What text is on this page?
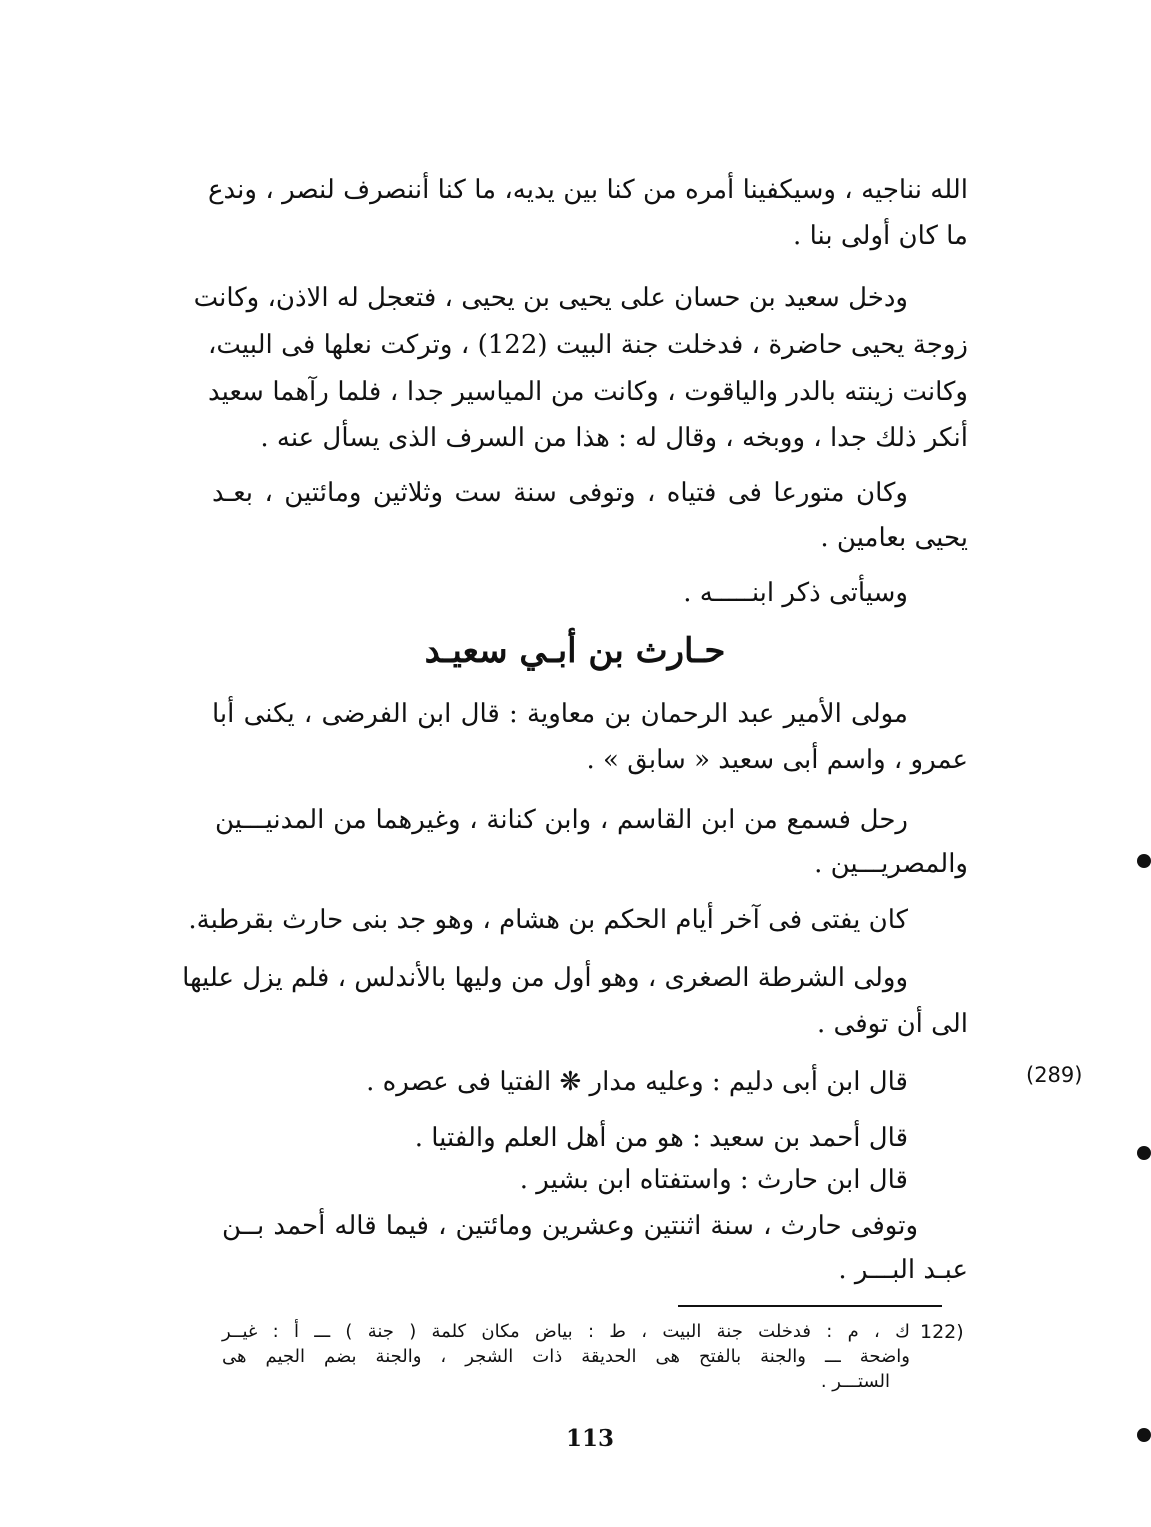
الله نناجيه ، وسيكفينا أمره من كنا بين يديه، ما كنا أننصرف لنصر ، وندع
ما كان أولى بنا .
ودخل سعيد بن حسان على يحيى بن يحيى ، فتعجل له الاذن، وكانت
زوجة يحيى حاضرة ، فدخلت جنة البيت (122) ، وتركت نعلها فى البيت،
وكانت زينته بالدر والياقوت ، وكانت من المياسير جدا ، فلما رآهما سعيد
أنكر ذلك جدا ، ووبخه ، وقال له : هذا من السرف الذى يسأل عنه .
وكان متورعا فى فتياه ، وتوفى سنة ست وثلاثين ومائتين ، بعـد
يحيى بعامين .
وسيأتى ذكر ابنـــــه .
حـارث بن أبـي سعيـد
مولى الأمير عبد الرحمان بن معاوية : قال ابن الفرضى ، يكنى أبا
عمرو ، واسم أبى سعيد « سابق » .
رحل فسمع من ابن القاسم ، وابن كنانة ، وغيرهما من المدنيـــين
والمصريـــين .
كان يفتى فى آخر أيام الحكم بن هشام ، وهو جد بنى حارث بقرطبة.
وولى الشرطة الصغرى ، وهو أول من وليها بالأندلس ، فلم يزل عليها
الى أن توفى .
(289)
قال ابن أبى دليم : وعليه مدار ❋ الفتيا فى عصره .
قال أحمد بن سعيد : هو من أهل العلم والفتيا .
قال ابن حارث : واستفتاه ابن بشير .
وتوفى حارث ، سنة اثنتين وعشرين ومائتين ، فيما قاله أحمد بــن
عبـد البـــر .
122)
ك ، م : فدخلت جنة البيت ، ط : بياض مكان كلمة ( جنة ) ـــ أ : غيــر
واضحة ـــ والجنة بالفتح هى الحديقة ذات الشجر ، والجنة بضم الجيم هى
الستـــر .
113
